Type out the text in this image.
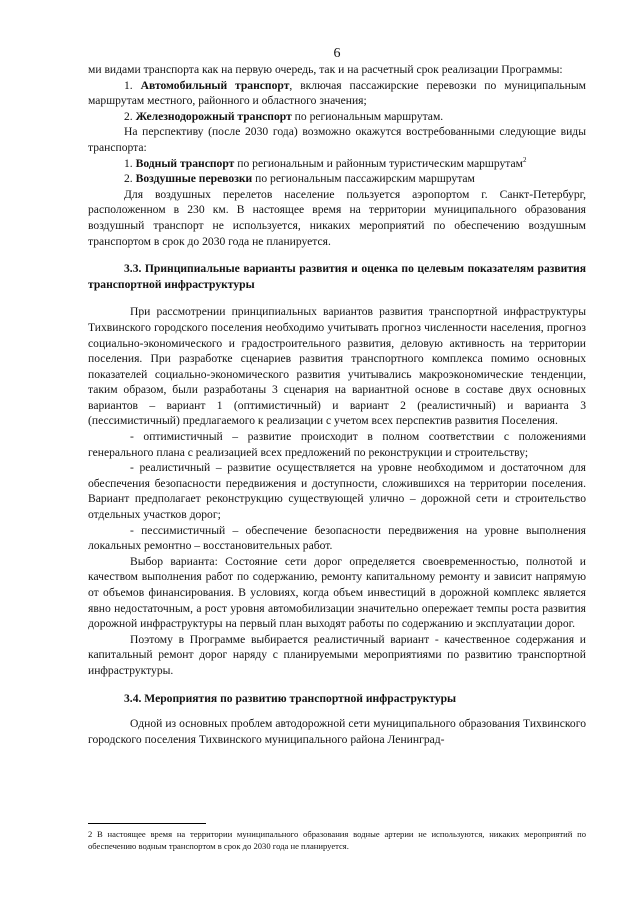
6

ми видами транспорта как на первую очередь, так и на расчетный срок реализации Программы:

1. Автомобильный транспорт, включая пассажирские перевозки по муниципальным маршрутам местного, районного и областного значения;

2. Железнодорожный транспорт по региональным маршрутам.

На перспективу (после 2030 года) возможно окажутся востребованными следующие виды транспорта:

1. Водный транспорт по региональным и районным туристическим маршрутам$^2$

2. Воздушные перевозки по региональным пассажирским маршрутам

Для воздушных перелетов население пользуется аэропортом г. Санкт-Петербург, расположенном в 230 км. В настоящее время на территории муниципального образования воздушный транспорт не используется, никаких мероприятий по обеспечению воздушным транспортом в срок до 2030 года не планируется.

3.3. Принципиальные варианты развития и оценка по целевым показателям развития транспортной инфраструктуры

При рассмотрении принципиальных вариантов развития транспортной инфраструктуры Тихвинского городского поселения необходимо учитывать прогноз численности населения, прогноз социально-экономического и градостроительного развития, деловую активность на территории поселения. При разработке сценариев развития транспортного комплекса помимо основных показателей социально-экономического развития учитывались макроэкономические тенденции, таким образом, были разработаны 3 сценария на вариантной основе в составе двух основных вариантов – вариант 1 (оптимистичный) и вариант 2 (реалистичный) и варианта 3 (пессимистичный) предлагаемого к реализации с учетом всех перспектив развития Поселения.

- оптимистичный – развитие происходит в полном соответствии с положениями генерального плана с реализацией всех предложений по реконструкции и строительству;

- реалистичный – развитие осуществляется на уровне необходимом и достаточном для обеспечения безопасности передвижения и доступности, сложившихся на территории поселения. Вариант предполагает реконструкцию существующей улично – дорожной сети и строительство отдельных участков дорог;

- пессимистичный – обеспечение безопасности передвижения на уровне выполнения локальных ремонтно – восстановительных работ.

Выбор варианта: Состояние сети дорог определяется своевременностью, полнотой и качеством выполнения работ по содержанию, ремонту капитальному ремонту и зависит напрямую от объемов финансирования. В условиях, когда объем инвестиций в дорожной комплекс является явно недостаточным, а рост уровня автомобилизации значительно опережает темпы роста развития дорожной инфраструктуры на первый план выходят работы по содержанию и эксплуатации дорог.

Поэтому в Программе выбирается реалистичный вариант - качественное содержания и капитальный ремонт дорог наряду с планируемыми мероприятиями по развитию транспортной инфраструктуры.

3.4. Мероприятия по развитию транспортной инфраструктуры

Одной из основных проблем автодорожной сети муниципального образования Тихвинского городского поселения Тихвинского муниципального района Ленинград-

2 В настоящее время на территории муниципального образования водные артерии не используются, никаких мероприятий по обеспечению водным транспортом в срок до 2030 года не планируется.
